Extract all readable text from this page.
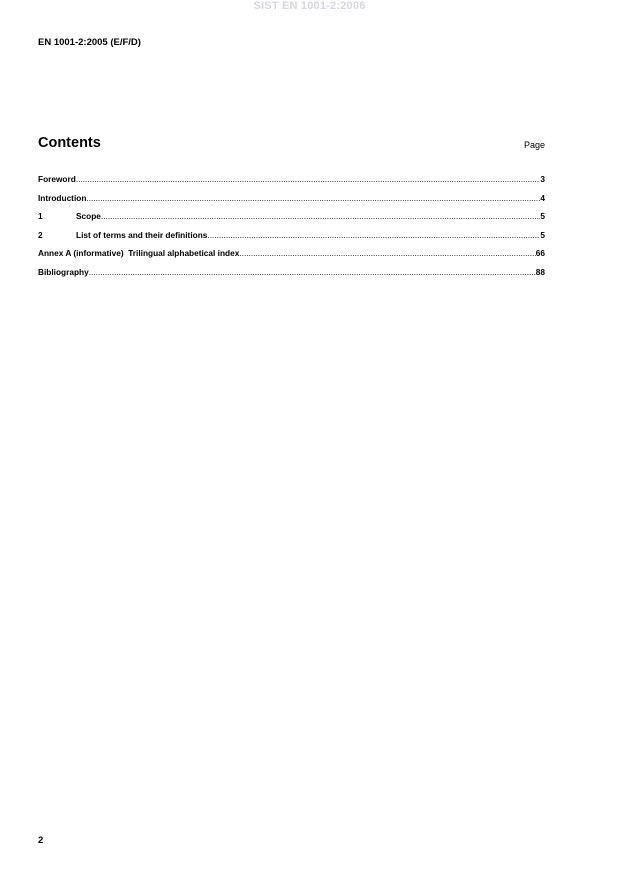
SIST EN 1001-2:2006
EN 1001-2:2005 (E/F/D)
Contents	Page
Foreword .....	3
Introduction .....	4
1	Scope .....	5
2	List of terms and their definitions .....	5
Annex A (informative)  Trilingual alphabetical index .....	66
Bibliography .....	88
2
